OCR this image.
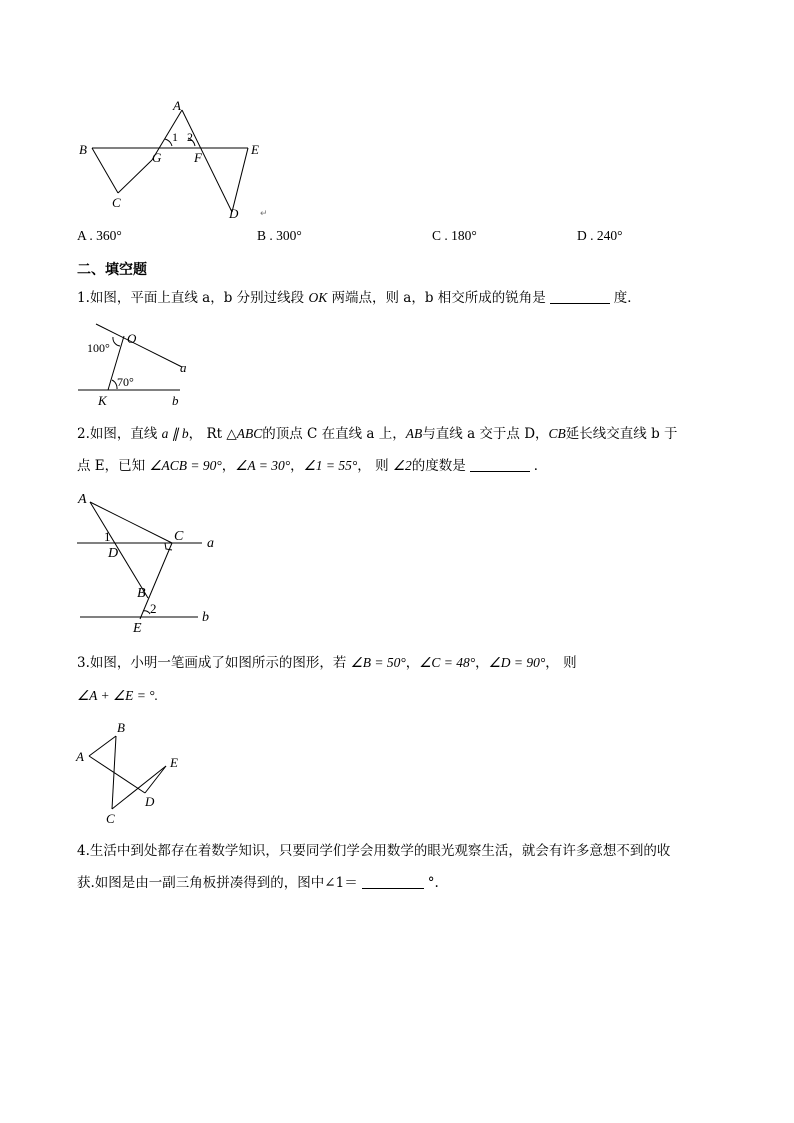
A
B
C
G	F
E
D
1 2
↵
A . 360°	B . 300°	C . 180°	D . 240°
二、填空题
1.如图，平面上直线 a，b 分别过线段 OK 两端点，则 a，b 相交所成的锐角是	度．
O
a
100°
70°
K	b
2.如图，直线 a ∥ b， Rt △ABC的顶点 C 在直线 a 上，AB与直线 a 交于点 D，CB延长线交直线 b 于
点 E，已知 ∠ACB = 90°，∠A = 30°，∠1 = 55°， 则 ∠2的度数是	．
A
C a
1
D
B
2
E
b
3.如图，小明一笔画成了如图所示的图形，若 ∠B = 50°，∠C = 48°，∠D = 90°， 则
∠A + ∠E = °.
B
A	E
D
C
4.生活中到处都存在着数学知识，只要同学们学会用数学的眼光观察生活，就会有许多意想不到的收
获.如图是由一副三角板拼凑得到的，图中∠1＝	°.
